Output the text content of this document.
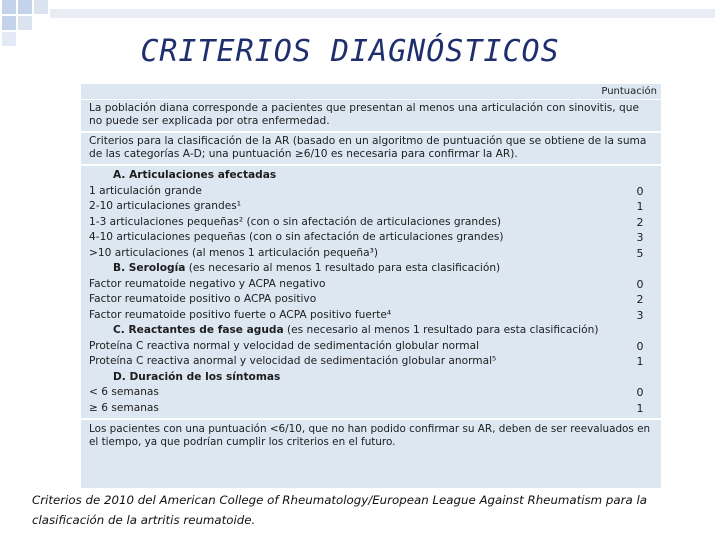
CRITERIOS DIAGNÓSTICOS
Puntuación
La población diana corresponde a pacientes que presentan al menos una articulación con sinovitis, que no puede ser explicada por otra enfermedad.
Criterios para la clasificación de la AR (basado en un algoritmo de puntuación que se obtiene de la suma de las categorías A-D; una puntuación ≥6/10 es necesaria para confirmar la AR).
A. Articulaciones afectadas
1 articulación grande	0
2-10 articulaciones grandes¹	1
1-3 articulaciones pequeñas² (con o sin afectación de articulaciones grandes)	2
4-10 articulaciones pequeñas (con o sin afectación de articulaciones grandes)	3
>10 articulaciones (al menos 1 articulación pequeña³)	5
B. Serología (es necesario al menos 1 resultado para esta clasificación)
Factor reumatoide negativo y ACPA negativo	0
Factor reumatoide positivo o ACPA positivo	2
Factor reumatoide positivo fuerte o ACPA positivo fuerte⁴	3
C. Reactantes de fase aguda (es necesario al menos 1 resultado para esta clasificación)
Proteína C reactiva normal y velocidad de sedimentación globular normal	0
Proteína C reactiva anormal y velocidad de sedimentación globular anormal⁵	1
D. Duración de los síntomas
< 6 semanas	0
≥ 6 semanas	1
Los pacientes con una puntuación <6/10, que no han podido confirmar su AR, deben de ser reevaluados en el tiempo, ya que podrían cumplir los criterios en el futuro.
Criterios de 2010 del American College of Rheumatology/European League Against Rheumatism para la clasificación de la artritis reumatoide.
